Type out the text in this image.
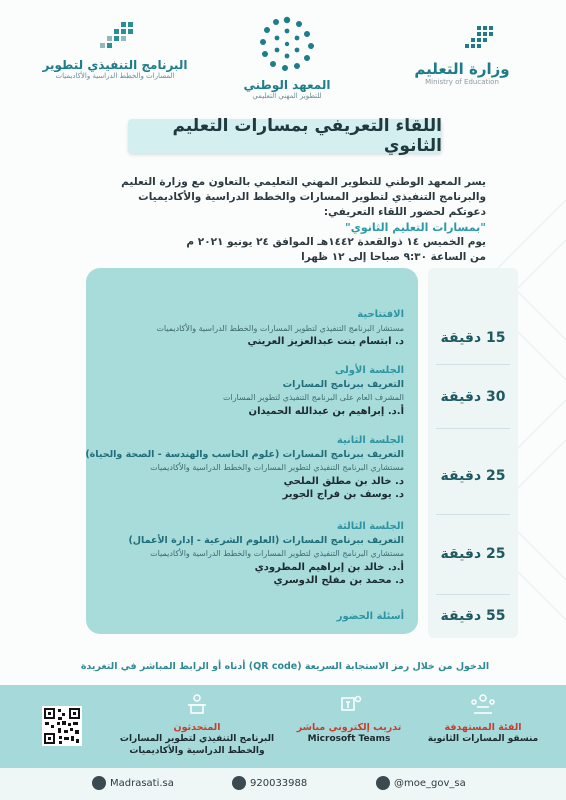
وزارة التعليم
Ministry of Education
المعهد الوطني
للتطوير المهني التعليمي
البرنامج التنفيذي لتطوير
المسارات والخطط الدراسية والأكاديميات
اللقاء التعريفي بمسارات التعليم الثانوي
يسر المعهد الوطني للتطوير المهني التعليمي بالتعاون مع وزارة التعليم
والبرنامج التنفيذي لتطوير المسارات والخطط الدراسية والأكاديميات
دعوتكم لحضور اللقاء التعريفي:
"بمسارات التعليم الثانوي"
يوم الخميس ١٤ ذوالقعدة ١٤٤٢هـ الموافق ٢٤ يونيو ٢٠٢١ م
من الساعة ٩:٣٠ صباحا إلى ١٢ ظهرا
15 دقيقة
30 دقيقة
25 دقيقة
25 دقيقة
55 دقيقة
الافتتاحية
مستشار البرنامج التنفيذي لتطوير المسارات والخطط الدراسية والأكاديميات
د. ابتسام بنت عبدالعزيز العريني
الجلسة الأولى
التعريف ببرنامج المسارات
المشرف العام على البرنامج التنفيذي لتطوير المسارات
أ.د. إبراهيم بن عبدالله الحميدان
الجلسة الثانية
التعريف ببرنامج المسارات (علوم الحاسب والهندسة - الصحة والحياة)
مستشاري البرنامج التنفيذي لتطوير المسارات والخطط الدراسية والأكاديميات
د. خالد بن مطلق الملحي
د. يوسف بن فراج الجوير
الجلسة الثالثة
التعريف ببرنامج المسارات (العلوم الشرعية - إدارة الأعمال)
مستشاري البرنامج التنفيذي لتطوير المسارات والخطط الدراسية والأكاديميات
أ.د. خالد بن إبراهيم المطرودي
د. محمد بن مفلح الدوسري
أسئلة الحضور
الدخول من خلال رمز الاستجابة السريعة (QR code) أدناه أو الرابط المباشر في التغريدة
الفئة المستهدفة
منسقو المسارات الثانوية
تدريب إلكتروني مباشر
Microsoft Teams
المتحدثون
البرنامج التنفيذي لتطوير المسارات
والخطط الدراسية والأكاديميات
Madrasati.sa	920033988	@moe_gov_sa
